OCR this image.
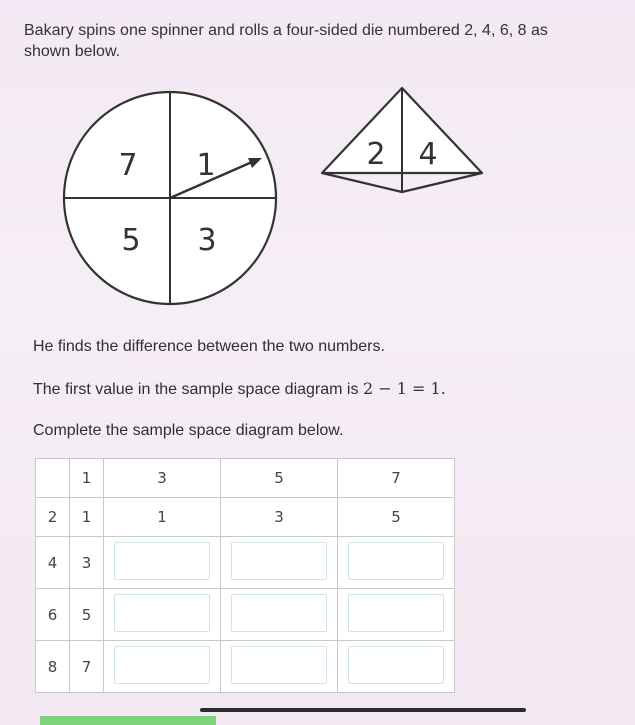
Bakary spins one spinner and rolls a four-sided die numbered 2, 4, 6, 8 as
shown below.
7 1
5 3
2 4
He finds the difference between the two numbers.
The first value in the sample space diagram is 2 − 1 = 1.
Complete the sample space diagram below.
	1	3	5	7
2	1	1	3	5
4	3			
6	5			
8	7			
